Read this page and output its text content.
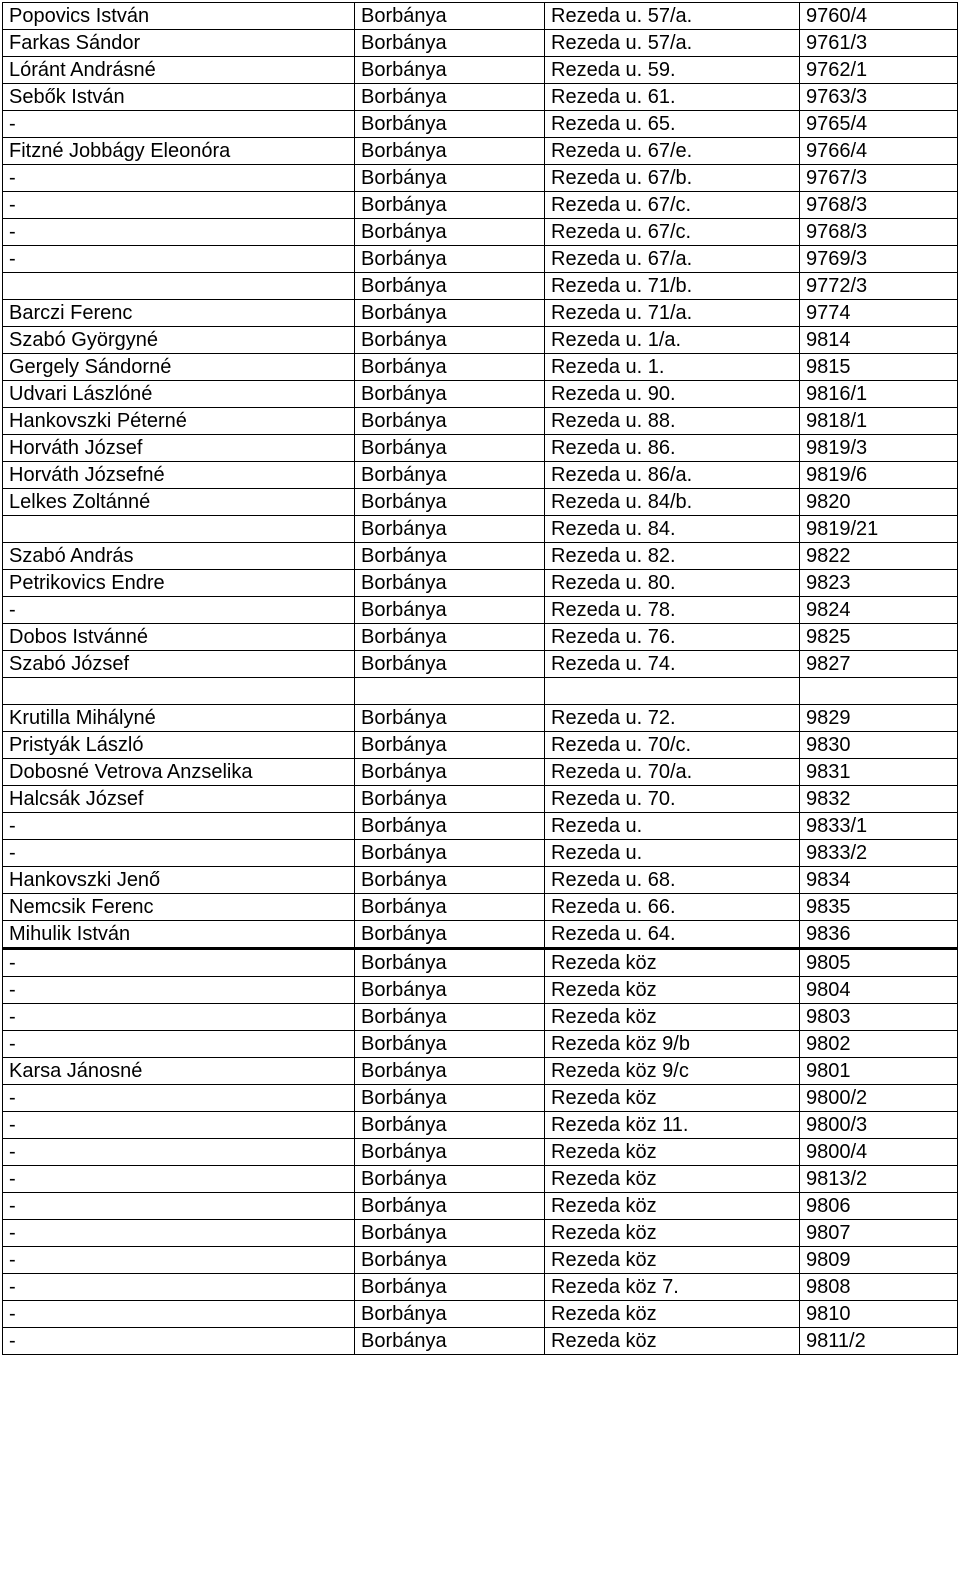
Popovics István	Borbánya	Rezeda u. 57/a.	9760/4
Farkas Sándor	Borbánya	Rezeda u. 57/a.	9761/3
Lóránt Andrásné	Borbánya	Rezeda u. 59.	9762/1
Sebők István	Borbánya	Rezeda u. 61.	9763/3
-	Borbánya	Rezeda u. 65.	9765/4
Fitzné Jobbágy Eleonóra	Borbánya	Rezeda u. 67/e.	9766/4
-	Borbánya	Rezeda u. 67/b.	9767/3
-	Borbánya	Rezeda u. 67/c.	9768/3
-	Borbánya	Rezeda u. 67/c.	9768/3
-	Borbánya	Rezeda u. 67/a.	9769/3
	Borbánya	Rezeda u. 71/b.	9772/3
Barczi Ferenc	Borbánya	Rezeda u. 71/a.	9774
Szabó Györgyné	Borbánya	Rezeda u. 1/a.	9814
Gergely Sándorné	Borbánya	Rezeda u. 1.	9815
Udvari Lászlóné	Borbánya	Rezeda u. 90.	9816/1
Hankovszki Péterné	Borbánya	Rezeda u. 88.	9818/1
Horváth József	Borbánya	Rezeda u. 86.	9819/3
Horváth Józsefné	Borbánya	Rezeda u. 86/a.	9819/6
Lelkes Zoltánné	Borbánya	Rezeda u. 84/b.	9820
	Borbánya	Rezeda u. 84.	9819/21
Szabó András	Borbánya	Rezeda u. 82.	9822
Petrikovics Endre	Borbánya	Rezeda u. 80.	9823
-	Borbánya	Rezeda u. 78.	9824
Dobos Istvánné	Borbánya	Rezeda u. 76.	9825
Szabó József	Borbánya	Rezeda u. 74.	9827

Krutilla Mihályné	Borbánya	Rezeda u. 72.	9829
Pristyák László	Borbánya	Rezeda u. 70/c.	9830
Dobosné Vetrova Anzselika	Borbánya	Rezeda u. 70/a.	9831
Halcsák József	Borbánya	Rezeda u. 70.	9832
-	Borbánya	Rezeda u.	9833/1
-	Borbánya	Rezeda u.	9833/2
Hankovszki Jenő	Borbánya	Rezeda u. 68.	9834
Nemcsik Ferenc	Borbánya	Rezeda u. 66.	9835
Mihulik István	Borbánya	Rezeda u. 64.	9836
-	Borbánya	Rezeda köz	9805
-	Borbánya	Rezeda köz	9804
-	Borbánya	Rezeda köz	9803
-	Borbánya	Rezeda köz 9/b	9802
Karsa Jánosné	Borbánya	Rezeda köz 9/c	9801
-	Borbánya	Rezeda köz	9800/2
-	Borbánya	Rezeda köz 11.	9800/3
-	Borbánya	Rezeda köz	9800/4
-	Borbánya	Rezeda köz	9813/2
-	Borbánya	Rezeda köz	9806
-	Borbánya	Rezeda köz	9807
-	Borbánya	Rezeda köz	9809
-	Borbánya	Rezeda köz 7.	9808
-	Borbánya	Rezeda köz	9810
-	Borbánya	Rezeda köz	9811/2
